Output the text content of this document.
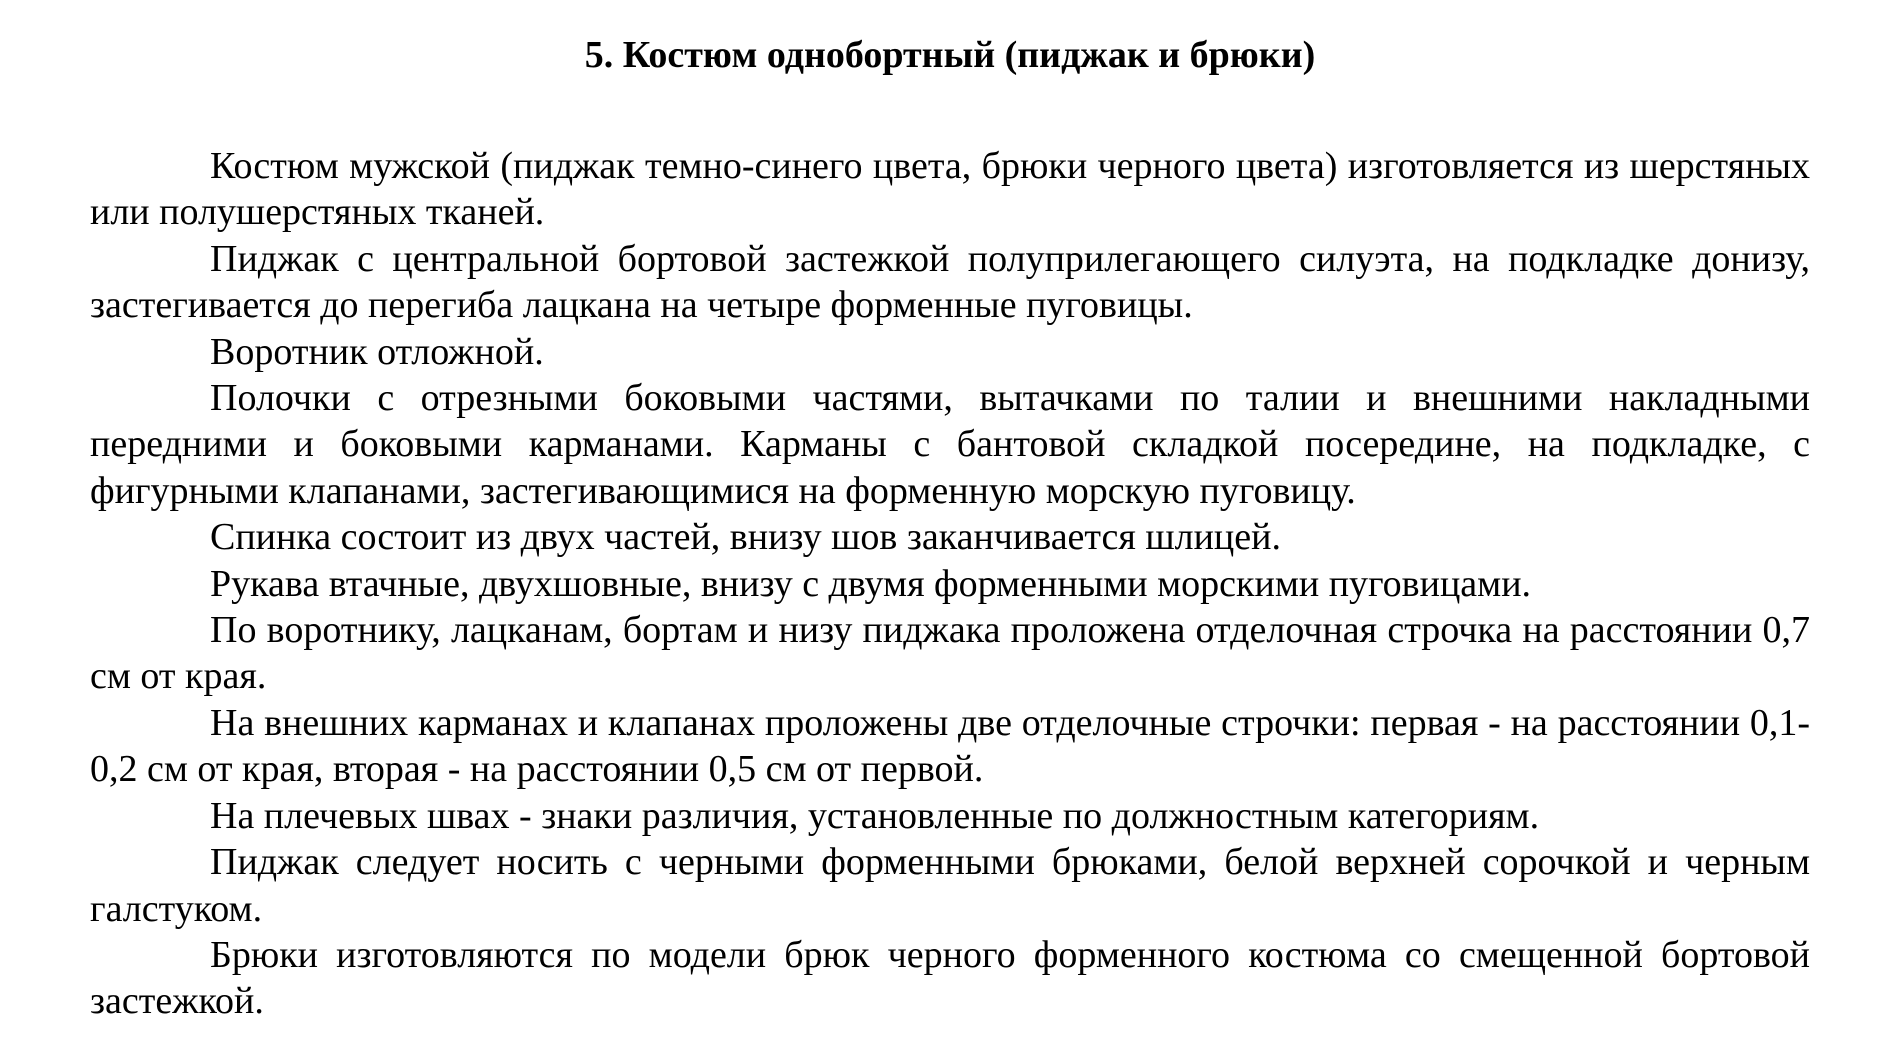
5. Костюм однобортный (пиджак и брюки)

Костюм мужской (пиджак темно-синего цвета, брюки черного цвета) изготовляется из шерстяных или полушерстяных тканей.

Пиджак с центральной бортовой застежкой полуприлегающего силуэта, на подкладке донизу, застегивается до перегиба лацкана на четыре форменные пуговицы.

Воротник отложной.

Полочки с отрезными боковыми частями, вытачками по талии и внешними накладными передними и боковыми карманами. Карманы с бантовой складкой посередине, на подкладке, с фигурными клапанами, застегивающимися на форменную морскую пуговицу.

Спинка состоит из двух частей, внизу шов заканчивается шлицей.

Рукава втачные, двухшовные, внизу с двумя форменными морскими пуговицами.

По воротнику, лацканам, бортам и низу пиджака проложена отделочная строчка на расстоянии 0,7 см от края.

На внешних карманах и клапанах проложены две отделочные строчки: первая - на расстоянии 0,1-0,2 см от края, вторая - на расстоянии 0,5 см от первой.

На плечевых швах - знаки различия, установленные по должностным категориям.

Пиджак следует носить с черными форменными брюками, белой верхней сорочкой и черным галстуком.

Брюки изготовляются по модели брюк черного форменного костюма со смещенной бортовой застежкой.
